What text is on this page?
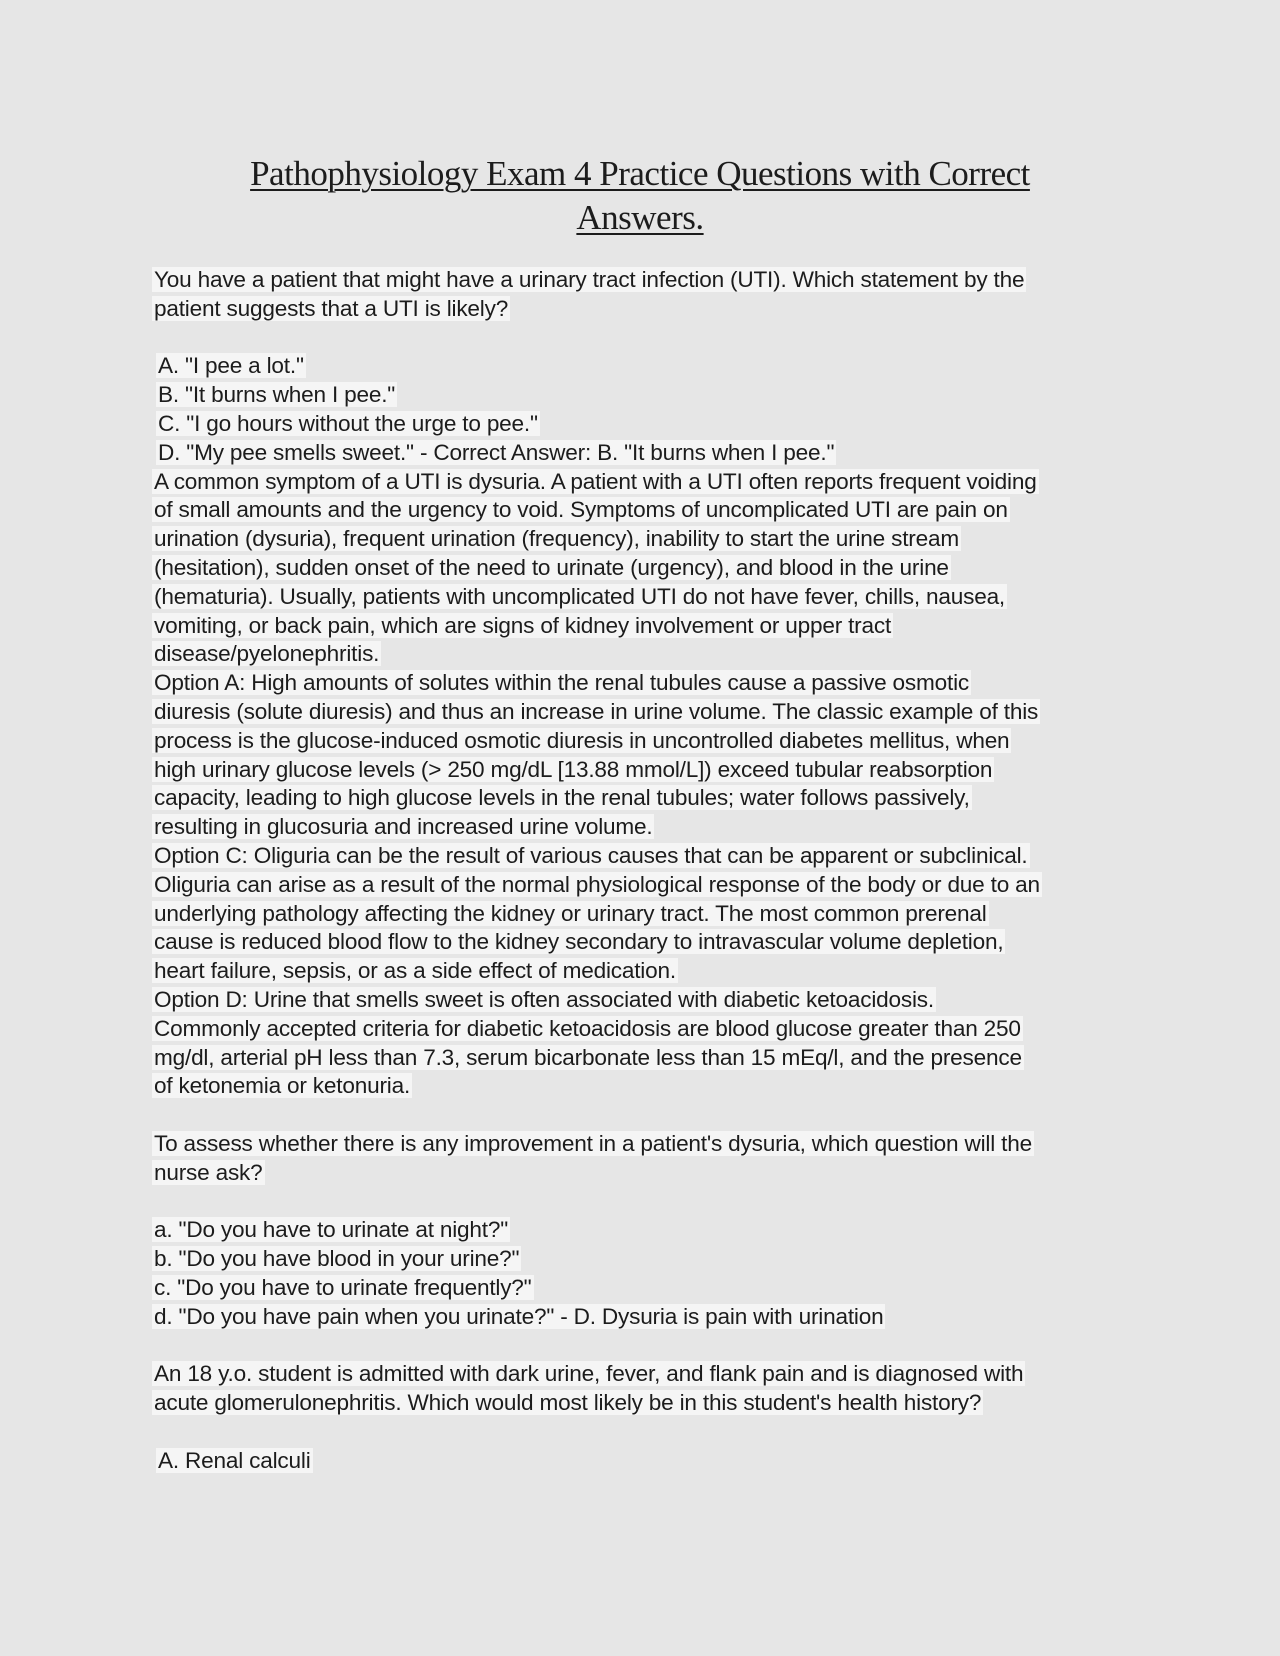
Pathophysiology Exam 4 Practice Questions with Correct
Answers.
You have a patient that might have a urinary tract infection (UTI). Which statement by the
patient suggests that a UTI is likely?
A. "I pee a lot."
B. "It burns when I pee."
C. "I go hours without the urge to pee."
D. "My pee smells sweet." - Correct Answer: B. "It burns when I pee."
A common symptom of a UTI is dysuria. A patient with a UTI often reports frequent voiding
of small amounts and the urgency to void. Symptoms of uncomplicated UTI are pain on
urination (dysuria), frequent urination (frequency), inability to start the urine stream
(hesitation), sudden onset of the need to urinate (urgency), and blood in the urine
(hematuria). Usually, patients with uncomplicated UTI do not have fever, chills, nausea,
vomiting, or back pain, which are signs of kidney involvement or upper tract
disease/pyelonephritis.
Option A: High amounts of solutes within the renal tubules cause a passive osmotic
diuresis (solute diuresis) and thus an increase in urine volume. The classic example of this
process is the glucose-induced osmotic diuresis in uncontrolled diabetes mellitus, when
high urinary glucose levels (> 250 mg/dL [13.88 mmol/L]) exceed tubular reabsorption
capacity, leading to high glucose levels in the renal tubules; water follows passively,
resulting in glucosuria and increased urine volume.
Option C: Oliguria can be the result of various causes that can be apparent or subclinical.
Oliguria can arise as a result of the normal physiological response of the body or due to an
underlying pathology affecting the kidney or urinary tract. The most common prerenal
cause is reduced blood flow to the kidney secondary to intravascular volume depletion,
heart failure, sepsis, or as a side effect of medication.
Option D: Urine that smells sweet is often associated with diabetic ketoacidosis.
Commonly accepted criteria for diabetic ketoacidosis are blood glucose greater than 250
mg/dl, arterial pH less than 7.3, serum bicarbonate less than 15 mEq/l, and the presence
of ketonemia or ketonuria.
To assess whether there is any improvement in a patient's dysuria, which question will the
nurse ask?
a. "Do you have to urinate at night?"
b. "Do you have blood in your urine?"
c. "Do you have to urinate frequently?"
d. "Do you have pain when you urinate?" - D. Dysuria is pain with urination
An 18 y.o. student is admitted with dark urine, fever, and flank pain and is diagnosed with
acute glomerulonephritis. Which would most likely be in this student's health history?
A. Renal calculi
